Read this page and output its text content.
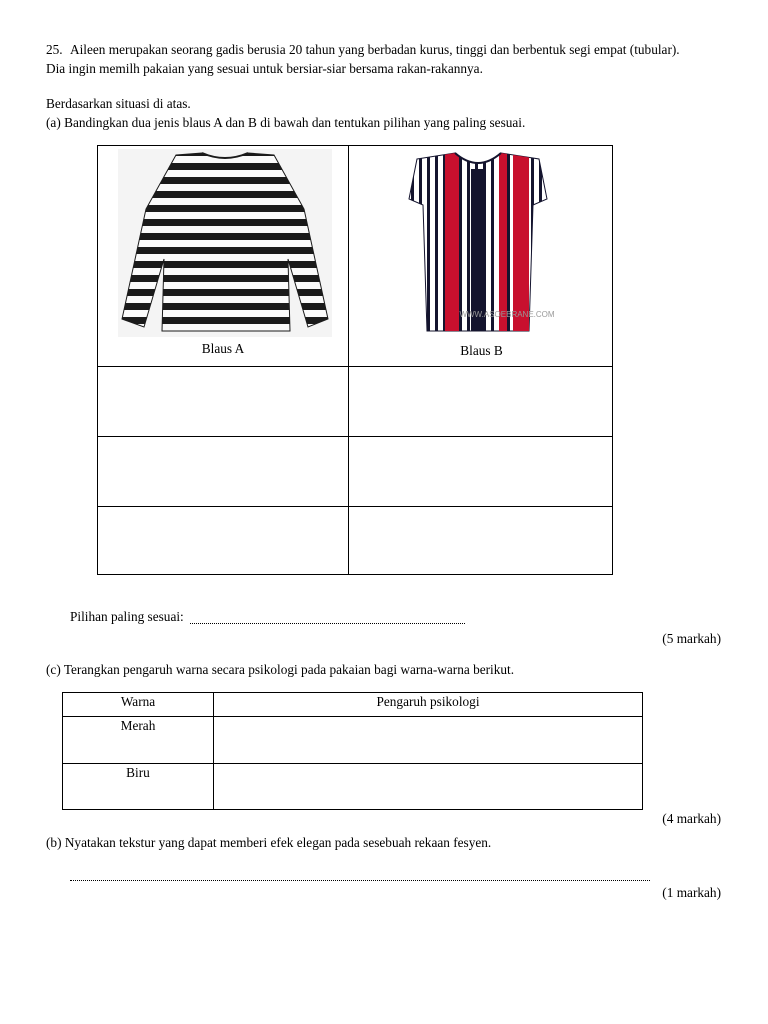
25. Aileen merupakan seorang gadis berusia 20 tahun yang berbadan kurus, tinggi dan berbentuk segi empat (tubular).
Dia ingin memilh pakaian yang sesuai untuk bersiar-siar bersama rakan-rakannya.
Berdasarkan situasi di atas.
(a) Bandingkan dua jenis blaus A dan B di bawah dan tentukan pilihan yang paling sesuai.
Blaus A
WWW.ASOEBRANE.COM
Blaus B
Pilihan paling sesuai:
(5 markah)
(c) Terangkan pengaruh warna secara psikologi pada pakaian bagi warna-warna berikut.
Warna	Pengaruh psikologi
Merah
Biru
(4 markah)
(b) Nyatakan tekstur yang dapat memberi efek elegan pada sesebuah rekaan fesyen.
(1 markah)
